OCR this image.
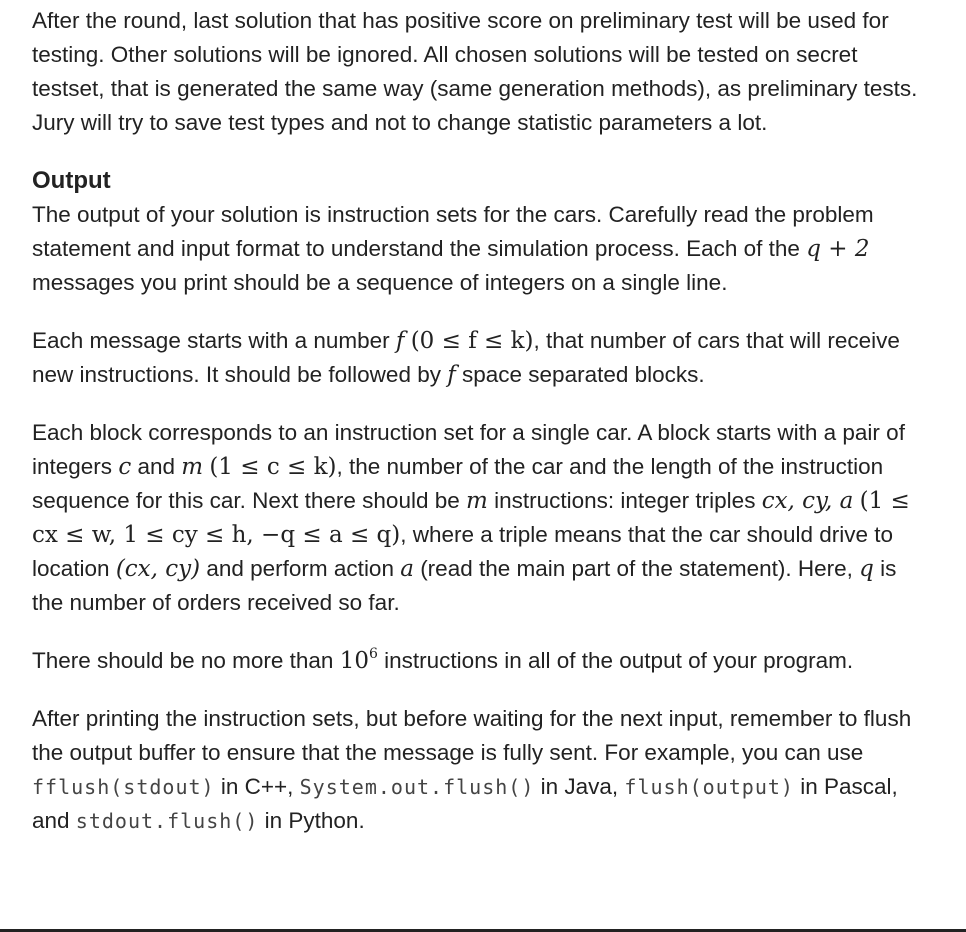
After the round, last solution that has positive score on preliminary test will be used for testing. Other solutions will be ignored. All chosen solutions will be tested on secret testset, that is generated the same way (same generation methods), as preliminary tests. Jury will try to save test types and not to change statistic parameters a lot.

Output

The output of your solution is instruction sets for the cars. Carefully read the problem statement and input format to understand the simulation process. Each of the q + 2 messages you print should be a sequence of integers on a single line.

Each message starts with a number f (0 ≤ f ≤ k), that number of cars that will receive new instructions. It should be followed by f space separated blocks.

Each block corresponds to an instruction set for a single car. A block starts with a pair of integers c and m (1 ≤ c ≤ k), the number of the car and the length of the instruction sequence for this car. Next there should be m instructions: integer triples cx, cy, a (1 ≤ cx ≤ w, 1 ≤ cy ≤ h, −q ≤ a ≤ q), where a triple means that the car should drive to location (cx, cy) and perform action a (read the main part of the statement). Here, q is the number of orders received so far.

There should be no more than $10^6$ instructions in all of the output of your program.

After printing the instruction sets, but before waiting for the next input, remember to flush the output buffer to ensure that the message is fully sent. For example, you can use fflush(stdout) in C++, System.out.flush() in Java, flush(output) in Pascal, and stdout.flush() in Python.
